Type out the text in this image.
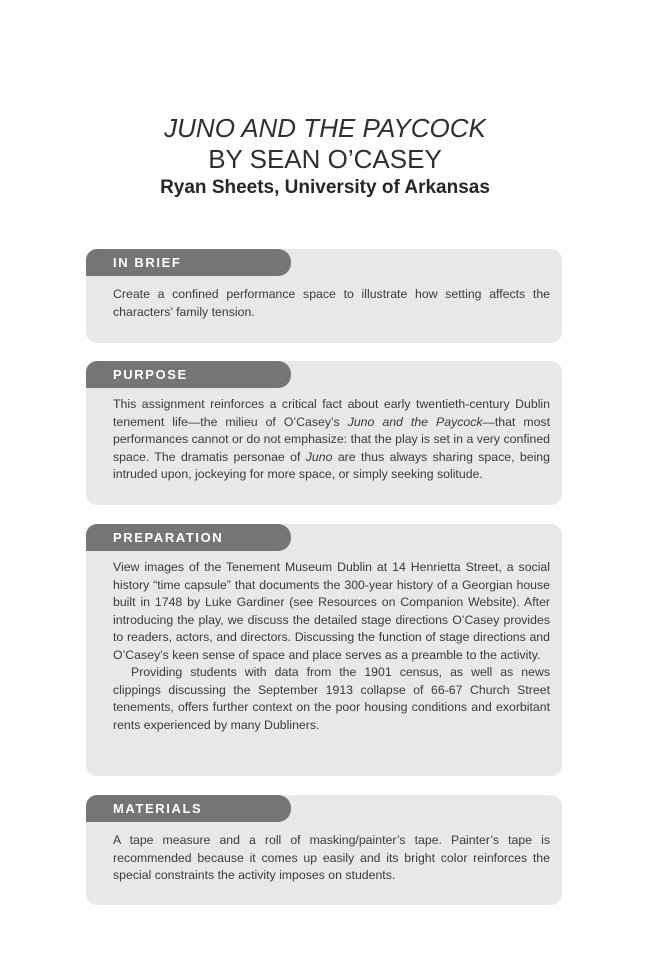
JUNO AND THE PAYCOCK
BY SEAN O’CASEY
Ryan Sheets, University of Arkansas
IN BRIEF

Create a confined performance space to illustrate how setting affects the characters’ family tension.

PURPOSE

This assignment reinforces a critical fact about early twentieth-century Dublin tenement life—the milieu of O’Casey’s Juno and the Paycock—that most performances cannot or do not emphasize: that the play is set in a very confined space. The dramatis personae of Juno are thus always sharing space, being intruded upon, jockeying for more space, or simply seeking solitude.

PREPARATION

View images of the Tenement Museum Dublin at 14 Henrietta Street, a social history “time capsule” that documents the 300-year history of a Georgian house built in 1748 by Luke Gardiner (see Resources on Companion Website). After introducing the play, we discuss the detailed stage directions O’Casey provides to readers, actors, and directors. Discussing the function of stage directions and O’Casey’s keen sense of space and place serves as a preamble to the activity.

Providing students with data from the 1901 census, as well as news clippings discussing the September 1913 collapse of 66-67 Church Street tenements, offers further context on the poor housing conditions and exorbitant rents experienced by many Dubliners.

MATERIALS

A tape measure and a roll of masking/painter’s tape. Painter’s tape is recommended because it comes up easily and its bright color reinforces the special constraints the activity imposes on students.
